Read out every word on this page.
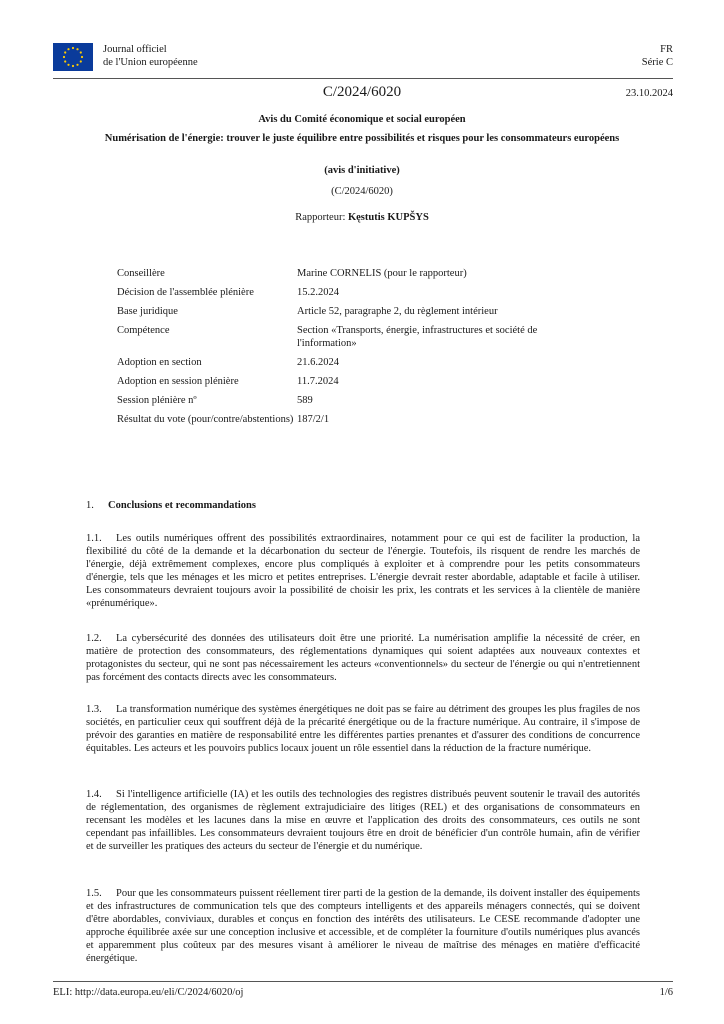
Journal officiel
de l'Union européenne
FR
Série C
C/2024/6020	23.10.2024
Avis du Comité économique et social européen
Numérisation de l'énergie: trouver le juste équilibre entre possibilités et risques pour les consommateurs européens
(avis d'initiative)
(C/2024/6020)
Rapporteur: Kęstutis KUPŠYS
Conseillère	Marine CORNELIS (pour le rapporteur)
Décision de l'assemblée plénière	15.2.2024
Base juridique	Article 52, paragraphe 2, du règlement intérieur
Compétence	Section «Transports, énergie, infrastructures et société de l'information»
Adoption en section	21.6.2024
Adoption en session plénière	11.7.2024
Session plénière nº	589
Résultat du vote (pour/contre/abstentions) 187/2/1
1. Conclusions et recommandations
1.1. Les outils numériques offrent des possibilités extraordinaires, notamment pour ce qui est de faciliter la production, la flexibilité du côté de la demande et la décarbonation du secteur de l'énergie. Toutefois, ils risquent de rendre les marchés de l'énergie, déjà extrêmement complexes, encore plus compliqués à exploiter et à comprendre pour les petits consommateurs d'énergie, tels que les ménages et les micro et petites entreprises. L'énergie devrait rester abordable, adaptable et facile à utiliser. Les consommateurs devraient toujours avoir la possibilité de choisir les prix, les contrats et les services à la clientèle de manière «prénumérique».
1.2. La cybersécurité des données des utilisateurs doit être une priorité. La numérisation amplifie la nécessité de créer, en matière de protection des consommateurs, des réglementations dynamiques qui soient adaptées aux nouveaux contextes et protagonistes du secteur, qui ne sont pas nécessairement les acteurs «conventionnels» du secteur de l'énergie ou qui n'entretiennent pas forcément des contacts directs avec les consommateurs.
1.3. La transformation numérique des systèmes énergétiques ne doit pas se faire au détriment des groupes les plus fragiles de nos sociétés, en particulier ceux qui souffrent déjà de la précarité énergétique ou de la fracture numérique. Au contraire, il s'impose de prévoir des garanties en matière de responsabilité entre les différentes parties prenantes et d'assurer des conditions de concurrence équitables. Les acteurs et les pouvoirs publics locaux jouent un rôle essentiel dans la réduction de la fracture numérique.
1.4. Si l'intelligence artificielle (IA) et les outils des technologies des registres distribués peuvent soutenir le travail des autorités de réglementation, des organismes de règlement extrajudiciaire des litiges (REL) et des organisations de consommateurs en recensant les modèles et les lacunes dans la mise en œuvre et l'application des droits des consommateurs, ces outils ne sont cependant pas infaillibles. Les consommateurs devraient toujours être en droit de bénéficier d'un contrôle humain, afin de vérifier et de surveiller les pratiques des acteurs du secteur de l'énergie et du numérique.
1.5. Pour que les consommateurs puissent réellement tirer parti de la gestion de la demande, ils doivent installer des équipements et des infrastructures de communication tels que des compteurs intelligents et des appareils ménagers connectés, qui se doivent d'être abordables, conviviaux, durables et conçus en fonction des intérêts des utilisateurs. Le CESE recommande d'adopter une approche équilibrée axée sur une conception inclusive et accessible, et de compléter la fourniture d'outils numériques plus avancés et apparemment plus coûteux par des mesures visant à améliorer le niveau de maîtrise des ménages en matière d'efficacité énergétique.
ELI: http://data.europa.eu/eli/C/2024/6020/oj	1/6
